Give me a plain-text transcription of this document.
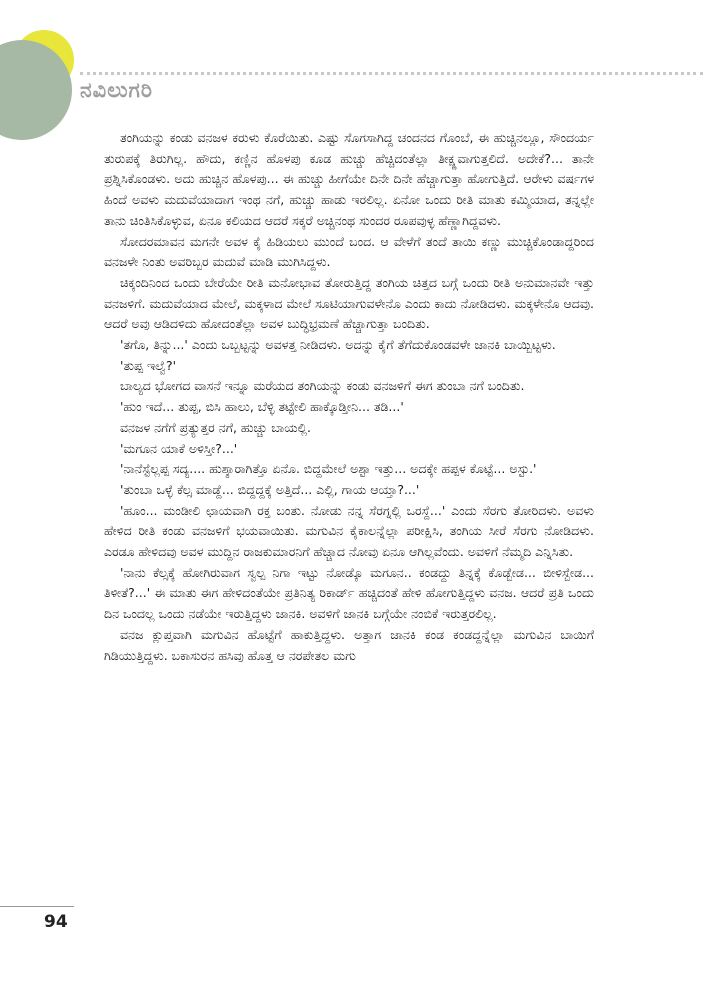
ನವಿಲುಗರಿ

ತಂಗಿಯನ್ನು ಕಂಡು ವನಜಳ ಕರುಳು ಕೊರೆಯಿತು. ಎಷ್ಟು ಸೊಗಸಾಗಿದ್ದ ಚಂದನದ ಗೊಂಬೆ, ಈ ಹುಚ್ಚಿನಲ್ಲೂ, ಸೌಂದರ್ಯ ತುರುಪಕ್ಕೆ ತಿರುಗಿಲ್ಲ. ಹೌದು, ಕಣ್ಣಿನ ಹೊಳಪು ಕೂಡ ಹುಚ್ಚು ಹೆಚ್ಚಿದಂತೆಲ್ಲಾ ತೀಕ್ಷ್ಣವಾಗುತ್ತಲಿದೆ. ಅದೇಕೆ?... ತಾನೇ ಪ್ರಶ್ನಿಸಿಕೊಂಡಳು. ಅದು ಹುಚ್ಚಿನ ಹೊಳಪು... ಈ ಹುಚ್ಚು ಹೀಗೆಯೇ ದಿನೇ ದಿನೇ ಹೆಚ್ಚಾಗುತ್ತಾ ಹೋಗುತ್ತಿದೆ. ಆರೇಳು ವರ್ಷಗಳ ಹಿಂದೆ ಅವಳು ಮದುವೆಯಾದಾಗ ಇಂಥ ನಗೆ, ಹುಚ್ಚು ಹಾಡು ಇರಲಿಲ್ಲ. ಏನೋ ಒಂದು ರೀತಿ ಮಾತು ಕಮ್ಮಿಯಾದ, ತನ್ನಲ್ಲೇ ತಾನು ಚಿಂತಿಸಿಕೊಳ್ಳುವ, ಏನೂ ಕಲಿಯದ ಆದರೆ ಸಕ್ಕರೆ ಅಚ್ಚಿನಂಥ ಸುಂದರ ರೂಪವುಳ್ಳ ಹೆಣ್ಣಾಗಿದ್ದವಳು.

ಸೋದರಮಾವನ ಮಗನೇ ಅವಳ ಕೈ ಹಿಡಿಯಲು ಮುಂದೆ ಬಂದ. ಆ ವೇಳೆಗೆ ತಂದೆ ತಾಯಿ ಕಣ್ಣು ಮುಚ್ಚಿಕೊಂಡಾದ್ದರಿಂದ ವನಜಳೇ ನಿಂತು ಅವರಿಬ್ಬರ ಮದುವೆ ಮಾಡಿ ಮುಗಿಸಿದ್ದಳು.

ಚಿಕ್ಕಂದಿನಿಂದ ಒಂದು ಬೇರೆಯೇ ರೀತಿ ಮನೋಭಾವ ತೋರುತ್ತಿದ್ದ ತಂಗಿಯ ಚಿತ್ತದ ಬಗ್ಗೆ ಒಂದು ರೀತಿ ಅನುಮಾನವೇ ಇತ್ತು ವನಜಳಿಗೆ. ಮದುವೆಯಾದ ಮೇಲೆ, ಮಕ್ಕಳಾದ ಮೇಲೆ ಸೂಟಿಯಾಗುವಳೇನೊ ಎಂದು ಕಾದು ನೋಡಿದಳು. ಮಕ್ಕಳೇನೊ ಆದವು. ಆದರೆ ಅವು ಆಡಿದಳಿದು ಹೋದಂತೆಲ್ಲಾ ಅವಳ ಬುದ್ಧಿಭ್ರಮಣೆ ಹೆಚ್ಚಾಗುತ್ತಾ ಬಂದಿತು.

'ತಗೊ, ತಿನ್ನು...' ಎಂದು ಒಬ್ಬಟ್ಟನ್ನು ಅವಳತ್ತ ನೀಡಿದಳು. ಅದನ್ನು ಕೈಗೆ ತೆಗೆದುಕೊಂಡವಳೇ ಜಾನಕಿ ಬಾಯ್ಬಿಟ್ಟಳು.

'ತುಪ್ಪ ಇಲ್ವೆ?'

ಬಾಲ್ಯದ ಭೋಗದ ವಾಸನೆ ಇನ್ನೂ ಮರೆಯದ ತಂಗಿಯನ್ನು ಕಂಡು ವನಜಳಿಗೆ ಈಗ ತುಂಬಾ ನಗೆ ಬಂದಿತು.

'ಹುಂ ಇದೆ... ತುಪ್ಪ, ಬಿಸಿ ಹಾಲು, ಬೆಳ್ಳಿ ತಟ್ಟೇಲಿ ಹಾಕ್ಕೊಡ್ತೀನಿ... ತಡಿ...'

ವನಜಳ ನಗೆಗೆ ಪ್ರತ್ಯುತ್ತರ ನಗೆ, ಹುಚ್ಚು ಬಾಯಲ್ಲಿ.

'ಮಗೂನ ಯಾಕೆ ಅಳಿಸ್ತೀ?...'

'ನಾನೆಸ್ಟೆಲ್ಲಪ್ಪ ಸದ್ಯ.... ಹುಶ್ಶಾರಾಗಿತ್ತೊ ಏನೊ. ಬಿದ್ದಮೇಲೆ ಅಶ್ಟಾ ಇತ್ತು... ಅದಕ್ಕೇ ಹಪ್ಪಳ ಕೊಟ್ಟೆ... ಅಸ್ಟು.'

'ತುಂಬಾ ಒಳ್ಳೆ ಕೆಲ್ಸ ಮಾಡ್ದೆ... ಬಿದ್ದದ್ದಕ್ಕೆ ಅತ್ತಿದೆ... ಎಲ್ಲಿ, ಗಾಯ ಆಯ್ತಾ?...'

'ಹೂಂ... ಮಂಡೀಲಿ ಛಾಯವಾಗಿ ರಕ್ತ ಬಂತು. ನೋಡು ನನ್ನ ಸೆರಗ್ನಲ್ಲಿ ಒರಸ್ದೆ...' ಎಂದು ಸೆರಗು ತೋರಿದಳು. ಅವಳು ಹೇಳಿದ ರೀತಿ ಕಂಡು ವನಜಳಿಗೆ ಭಯವಾಯಿತು. ಮಗುವಿನ ಕೈಕಾಲನ್ನೆಲ್ಲಾ ಪರೀಕ್ಷಿಸಿ, ತಂಗಿಯ ಸೀರೆ ಸೆರಗು ನೋಡಿದಳು. ಎರಡೂ ಹೇಳಿದವು ಅವಳ ಮುದ್ದಿನ ರಾಜಕುಮಾರನಿಗೆ ಹೆಚ್ಚಾದ ನೋವು ಏನೂ ಆಗಿಲ್ಲವೆಂದು. ಅವಳಿಗೆ ನೆಮ್ಮದಿ ಎನ್ನಿಸಿತು.

'ನಾನು ಕೆಲ್ಸಕ್ಕೆ ಹೋಗಿರುವಾಗ ಸ್ವಲ್ಪ ನಿಗಾ ಇಟ್ಟು ನೋಡ್ಕೊ ಮಗೂನ.. ಕಂಡದ್ದು ತಿನ್ನಕ್ಕೆ ಕೊಡ್ಬೇಡ... ಬೀಳಿಸ್ಬೇಡ... ತಿಳೀತೆ?...' ಈ ಮಾತು ಈಗ ಹೇಳಿದಂತೆಯೇ ಪ್ರತಿನಿತ್ಯ ರಿಕಾರ್ಡ್ ಹಚ್ಚಿದಂತೆ ಹೇಳಿ ಹೋಗುತ್ತಿದ್ದಳು ವನಜ. ಆದರೆ ಪ್ರತಿ ಒಂದು ದಿನ ಒಂದಲ್ಲ ಒಂದು ನಡೆಯೇ ಇರುತ್ತಿದ್ದಳು ಜಾನಕಿ. ಅವಳಿಗೆ ಜಾನಕಿ ಬಗ್ಗೆಯೇ ನಂಬಿಕೆ ಇರುತ್ತರಲಿಲ್ಲ.

ವನಜ ಕ್ಲುಪ್ತವಾಗಿ ಮಗುವಿನ ಹೊಟ್ಟೆಗೆ ಹಾಕುತ್ತಿದ್ದಳು. ಅತ್ತಾಗ ಜಾನಕಿ ಕಂಡ ಕಂಡದ್ದನ್ನೆಲ್ಲಾ ಮಗುವಿನ ಬಾಯಿಗೆ ಗಿಡಿಯುತ್ತಿದ್ದಳು. ಬಕಾಸುರನ ಹಸಿವು ಹೊತ್ತ ಆ ನರಪೇತಲ ಮಗು

94
